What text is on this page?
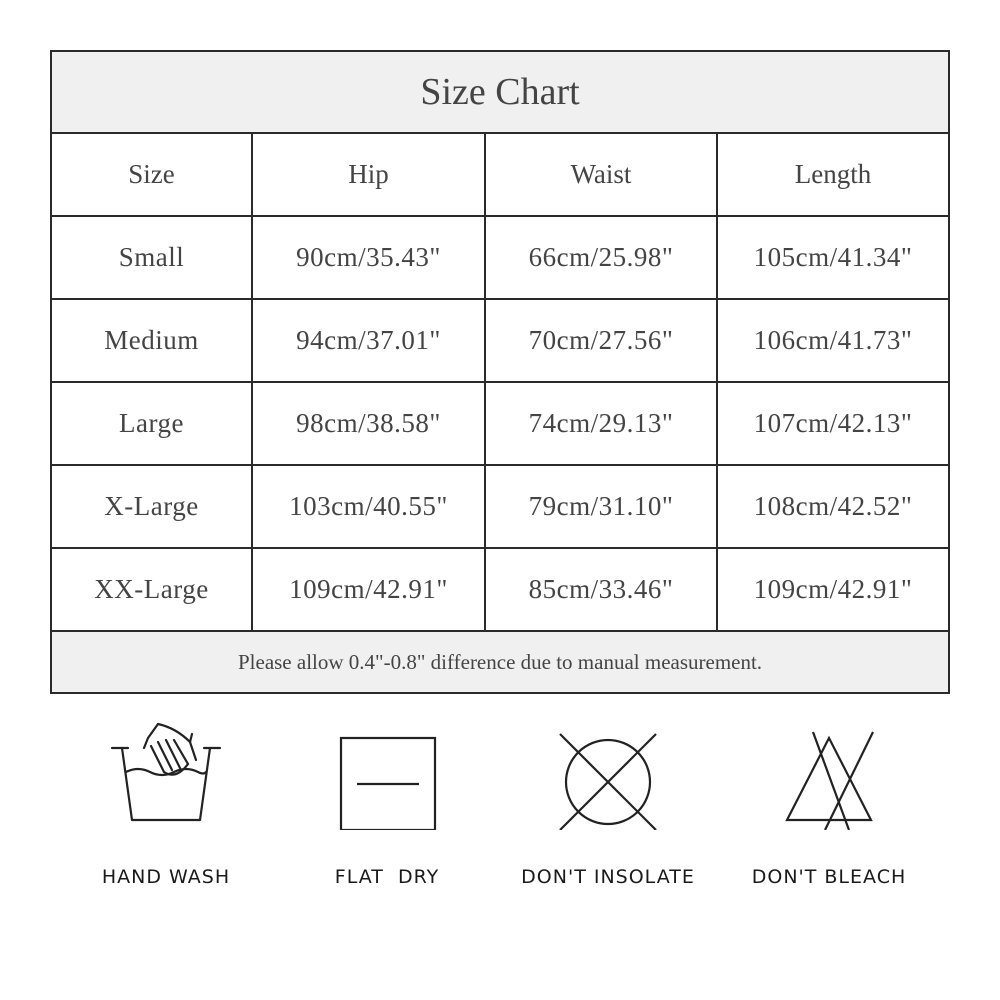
Size Chart			
Size	Hip	Waist	Length
Small	90cm/35.43"	66cm/25.98"	105cm/41.34"
Medium	94cm/37.01"	70cm/27.56"	106cm/41.73"
Large	98cm/38.58"	74cm/29.13"	107cm/42.13"
X-Large	103cm/40.55"	79cm/31.10"	108cm/42.52"
XX-Large	109cm/42.91"	85cm/33.46"	109cm/42.91"
Please allow 0.4"-0.8" difference due to manual measurement.			
HAND WASH	FLAT  DRY	DON'T INSOLATE	DON'T BLEACH
